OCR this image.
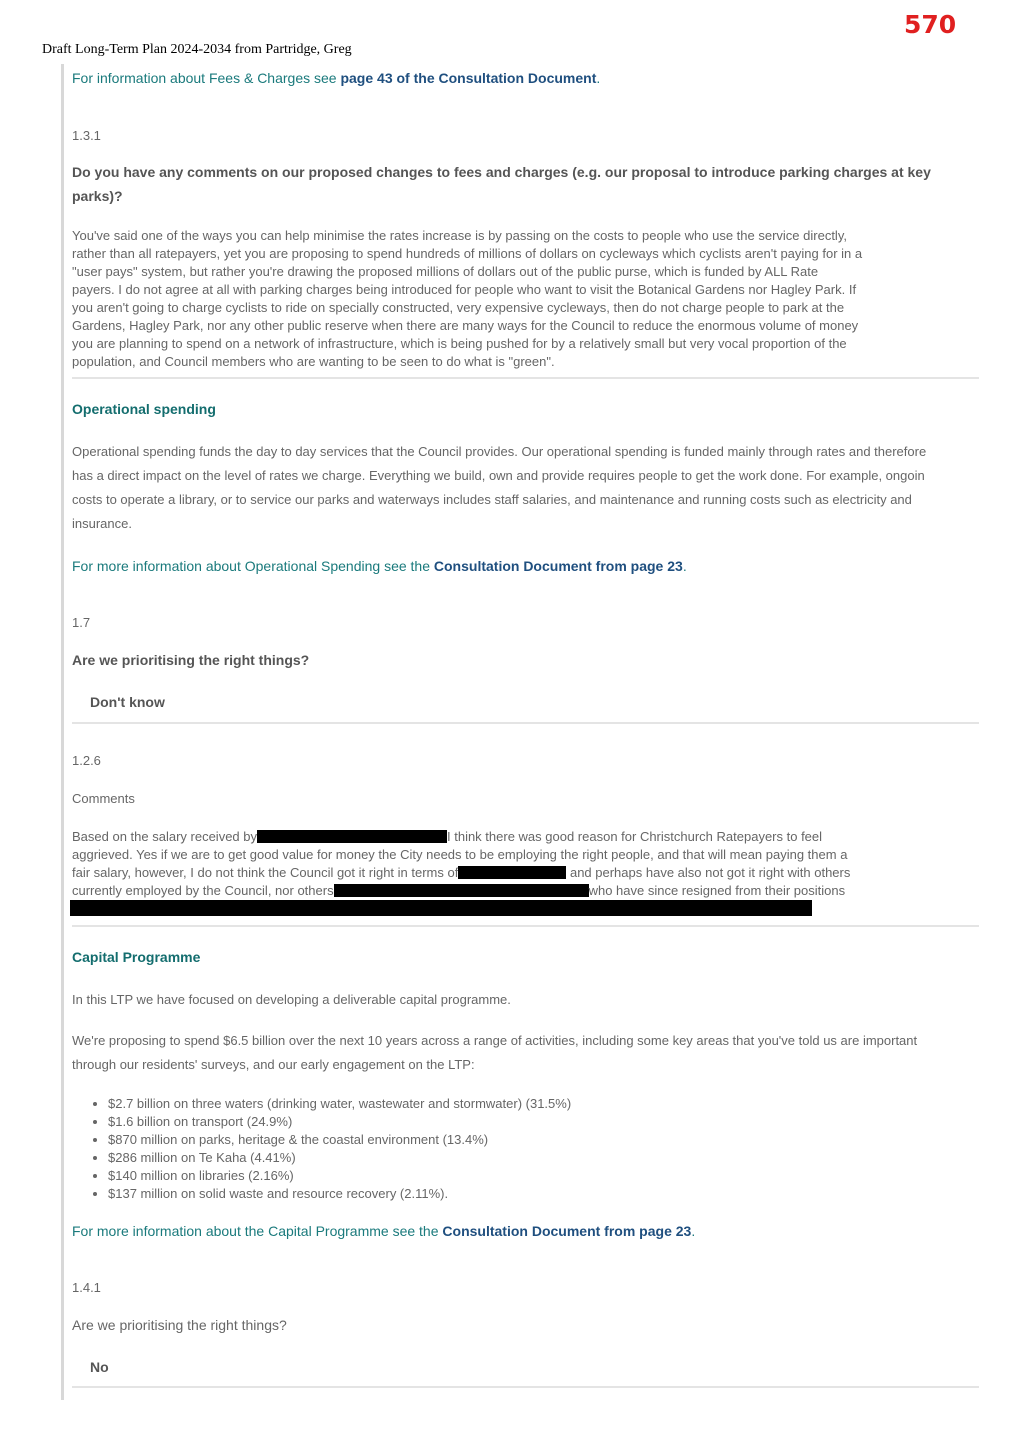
570
Draft Long-Term Plan 2024-2034 from Partridge, Greg
For information about Fees & Charges see page 43 of the Consultation Document.
1.3.1
Do you have any comments on our proposed changes to fees and charges (e.g. our proposal to introduce parking charges at key parks)?
You've said one of the ways you can help minimise the rates increase is by passing on the costs to people who use the service directly,
rather than all ratepayers, yet you are proposing to spend hundreds of millions of dollars on cycleways which cyclists aren't paying for in a
"user pays" system, but rather you're drawing the proposed millions of dollars out of the public purse, which is funded by ALL Rate
payers. I do not agree at all with parking charges being introduced for people who want to visit the Botanical Gardens nor Hagley Park. If
you aren't going to charge cyclists to ride on specially constructed, very expensive cycleways, then do not charge people to park at the
Gardens, Hagley Park, nor any other public reserve when there are many ways for the Council to reduce the enormous volume of money
you are planning to spend on a network of infrastructure, which is being pushed for by a relatively small but very vocal proportion of the
population, and Council members who are wanting to be seen to do what is "green".
Operational spending
Operational spending funds the day to day services that the Council provides. Our operational spending is funded mainly through rates and therefore
has a direct impact on the level of rates we charge. Everything we build, own and provide requires people to get the work done. For example, ongoin
costs to operate a library, or to service our parks and waterways includes staff salaries, and maintenance and running costs such as electricity and
insurance.
For more information about Operational Spending see the Consultation Document from page 23.
1.7
Are we prioritising the right things?
Don't know
1.2.6
Comments
Based on the salary received by	I think there was good reason for Christchurch Ratepayers to feel
aggrieved. Yes if we are to get good value for money the City needs to be employing the right people, and that will mean paying them a
fair salary, however, I do not think the Council got it right in terms of	and perhaps have also not got it right with others
currently employed by the Council, nor others	who have since resigned from their positions
Capital Programme
In this LTP we have focused on developing a deliverable capital programme.
We're proposing to spend $6.5 billion over the next 10 years across a range of activities, including some key areas that you've told us are important
through our residents' surveys, and our early engagement on the LTP:
• $2.7 billion on three waters (drinking water, wastewater and stormwater) (31.5%)
• $1.6 billion on transport (24.9%)
• $870 million on parks, heritage & the coastal environment (13.4%)
• $286 million on Te Kaha (4.41%)
• $140 million on libraries (2.16%)
• $137 million on solid waste and resource recovery (2.11%).
For more information about the Capital Programme see the Consultation Document from page 23.
1.4.1
Are we prioritising the right things?
No
